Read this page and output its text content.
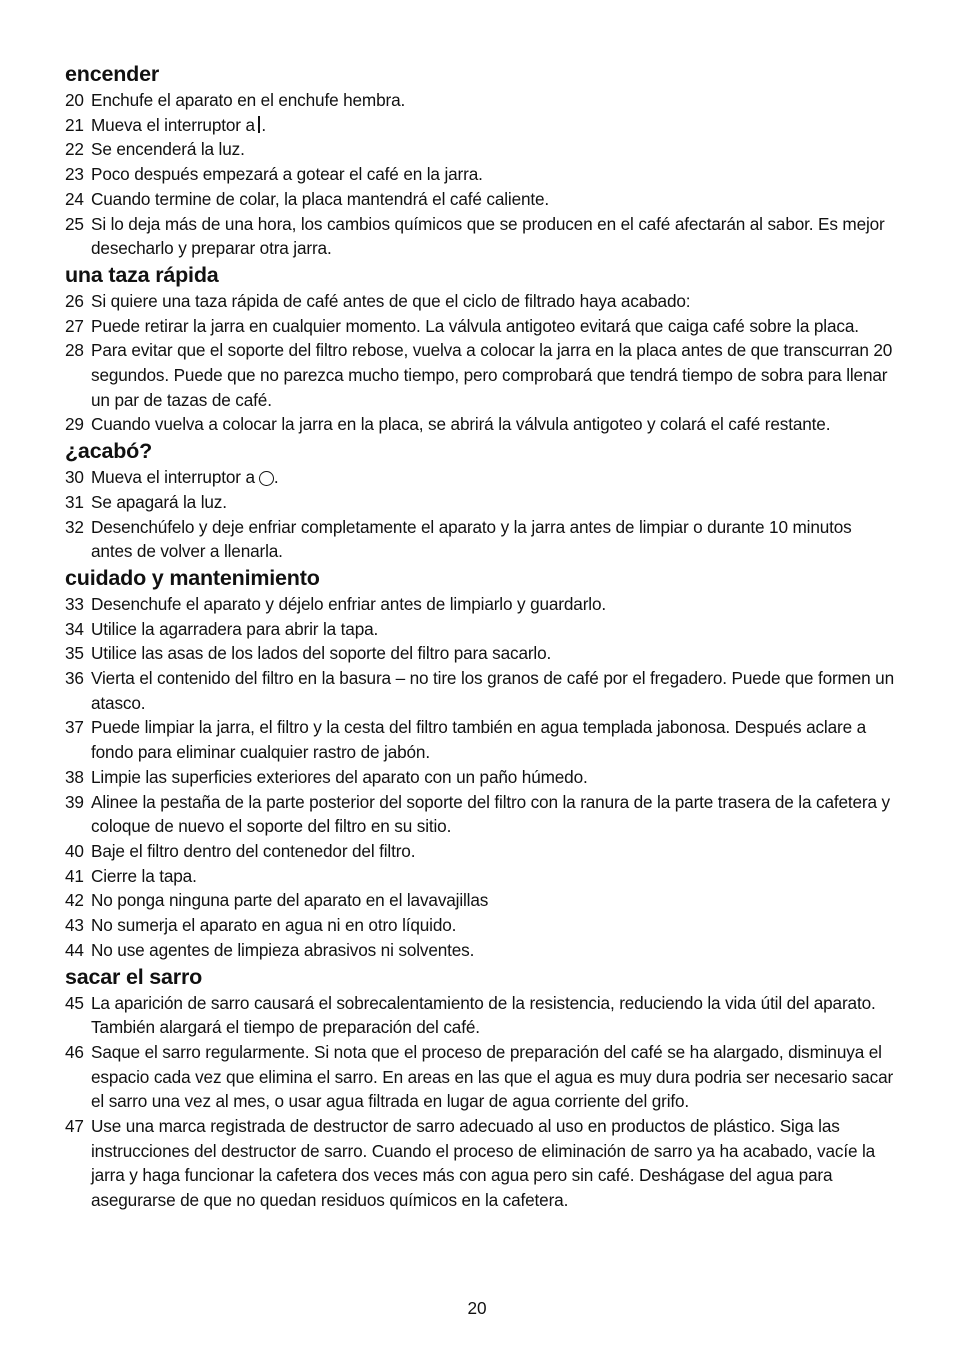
encender

20 Enchufe el aparato en el enchufe hembra.

21 Mueva el interruptor a .

22 Se encenderá la luz.

23 Poco después empezará a gotear el café en la jarra.

24 Cuando termine de colar, la placa mantendrá el café caliente.

25 Si lo deja más de una hora, los cambios químicos que se producen en el café afectarán al sabor. Es mejor desecharlo y preparar otra jarra.

una taza rápida

26 Si quiere una taza rápida de café antes de que el ciclo de filtrado haya acabado:

27 Puede retirar la jarra en cualquier momento. La válvula antigoteo evitará que caiga café sobre la placa.

28 Para evitar que el soporte del filtro rebose, vuelva a colocar la jarra en la placa antes de que transcurran 20 segundos. Puede que no parezca mucho tiempo, pero comprobará que tendrá tiempo de sobra para llenar un par de tazas de café.

29 Cuando vuelva a colocar la jarra en la placa, se abrirá la válvula antigoteo y colará el café restante.

¿acabó?

30 Mueva el interruptor a .

31 Se apagará la luz.

32 Desenchúfelo y deje enfriar completamente el aparato y la jarra antes de limpiar o durante 10 minutos antes de volver a llenarla.

cuidado y mantenimiento

33 Desenchufe el aparato y déjelo enfriar antes de limpiarlo y guardarlo.

34 Utilice la agarradera para abrir la tapa.

35 Utilice las asas de los lados del soporte del filtro para sacarlo.

36 Vierta el contenido del filtro en la basura – no tire los granos de café por el fregadero. Puede que formen un atasco.

37 Puede limpiar la jarra, el filtro y la cesta del filtro también en agua templada jabonosa. Después aclare a fondo para eliminar cualquier rastro de jabón.

38 Limpie las superficies exteriores del aparato con un paño húmedo.

39 Alinee la pestaña de la parte posterior del soporte del filtro con la ranura de la parte trasera de la cafetera y coloque de nuevo el soporte del filtro en su sitio.

40 Baje el filtro dentro del contenedor del filtro.

41 Cierre la tapa.

42 No ponga ninguna parte del aparato en el lavavajillas

43 No sumerja el aparato en agua ni en otro líquido.

44 No use agentes de limpieza abrasivos ni solventes.

sacar el sarro

45 La aparición de sarro causará el sobrecalentamiento de la resistencia, reduciendo la vida útil del aparato. También alargará el tiempo de preparación del café.

46 Saque el sarro regularmente. Si nota que el proceso de preparación del café se ha alargado, disminuya el espacio cada vez que elimina el sarro. En areas en las que el agua es muy dura podria ser necesario sacar el sarro una vez al mes, o usar agua filtrada en lugar de agua corriente del grifo.

47 Use una marca registrada de destructor de sarro adecuado al uso en productos de plástico. Siga las instrucciones del destructor de sarro. Cuando el proceso de eliminación de sarro ya ha acabado, vacíe la jarra y haga funcionar la cafetera dos veces más con agua pero sin café. Deshágase del agua para asegurarse de que no quedan residuos químicos en la cafetera.

20
